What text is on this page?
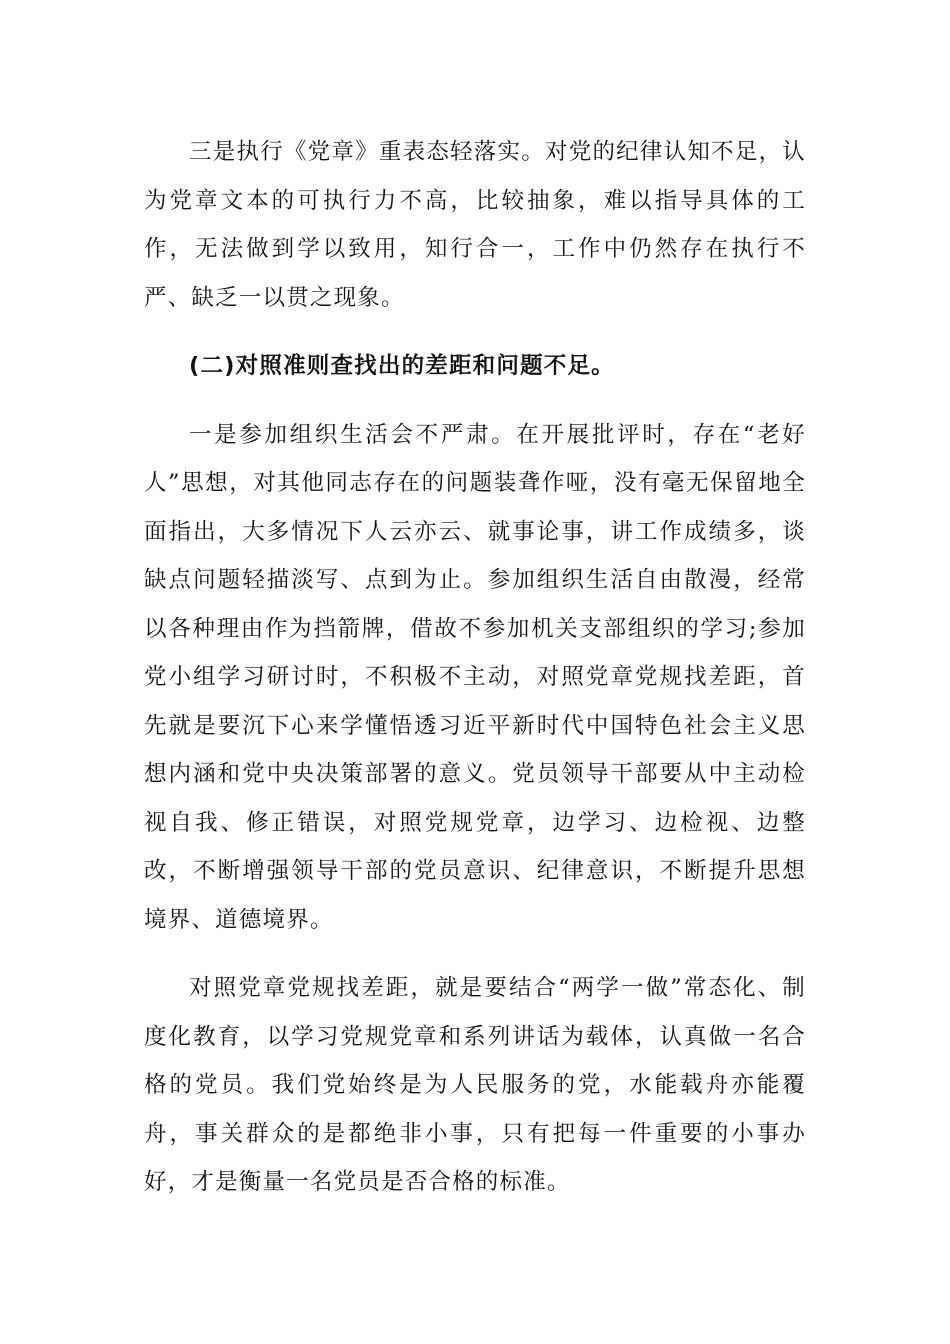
三是执行《党章》重表态轻落实。对党的纪律认知不足，认为党章文本的可执行力不高，比较抽象，难以指导具体的工作，无法做到学以致用，知行合一，工作中仍然存在执行不严、缺乏一以贯之现象。

(二)对照准则查找出的差距和问题不足。

一是参加组织生活会不严肃。在开展批评时，存在“老好人”思想，对其他同志存在的问题装聋作哑，没有毫无保留地全面指出，大多情况下人云亦云、就事论事，讲工作成绩多，谈缺点问题轻描淡写、点到为止。参加组织生活自由散漫，经常以各种理由作为挡箭牌，借故不参加机关支部组织的学习;参加党小组学习研讨时，不积极不主动，对照党章党规找差距，首先就是要沉下心来学懂悟透习近平新时代中国特色社会主义思想内涵和党中央决策部署的意义。党员领导干部要从中主动检视自我、修正错误，对照党规党章，边学习、边检视、边整改，不断增强领导干部的党员意识、纪律意识，不断提升思想境界、道德境界。

对照党章党规找差距，就是要结合“两学一做”常态化、制度化教育，以学习党规党章和系列讲话为载体，认真做一名合格的党员。我们党始终是为人民服务的党，水能载舟亦能覆舟，事关群众的是都绝非小事，只有把每一件重要的小事办好，才是衡量一名党员是否合格的标准。
